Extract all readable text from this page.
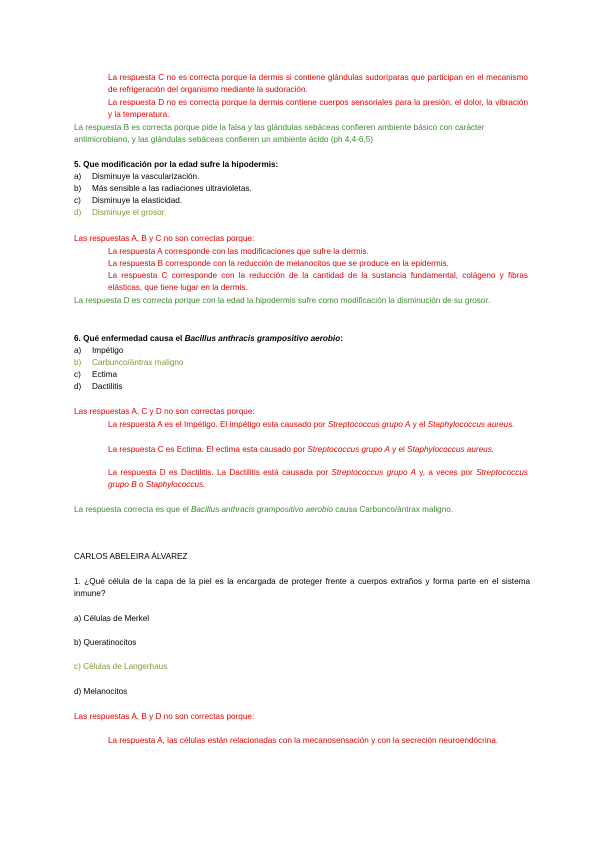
La respuesta C no es correcta porque la dermis si contiene glándulas sudoríparas que participan en el mecanismo de refrigeración del organismo mediante la sudoración.

La respuesta D no es correcta porque la dermis contiene cuerpos sensoriales para la presión, el dolor, la vibración y la temperatura.

La respuesta B es correcta porque pide la falsa y las glándulas sebáceas confieren ambiente básico con carácter antimicrobiano, y las glándulas sebáceas confieren un ambiente ácido (ph 4,4-6,5)

5. Que modificación por la edad sufre la hipodermis:

a)	Disminuye la vascularización.
b)	Más sensible a las radiaciones ultravioletas.
c)	Disminuye la elasticidad.
d)	Disminuye el grosor.

Las respuestas A, B y C no son correctas porque:

La respuesta A corresponde con las modificaciones que sufre la dermis.

La respuesta B corresponde con la reducción de melanocitos que se produce en la epidermis.

La respuesta C corresponde con la reducción de la cantidad de la sustancia fundamental, colágeno y fibras elásticas, que tiene lugar en la dermis.

La respuesta D es correcta porque con la edad la hipodermis sufre como modificación la disminución de su grosor.

6. Qué enfermedad causa el Bacillus anthracis grampositivo aerobio:

a)	Impétigo
b)	Carbunco/ántrax maligno
c)	Ectima
d)	Dactilitis

Las respuestas A, C y D no son correctas porque:

La respuesta A es el Impétigo. El impétigo esta causado por Streptococcus grupo A y el Staphylococcus aureus.

La respuesta C es Ectima. El ectima esta causado por Streptococcus grupo A y el Staphylococcus aureus.

La respuesta D es Dactilitis. La Dactilitis está causada por Streptococcus grupo A y, a veces por Streptococcus grupo B o Staphylococcus.

La respuesta correcta es que el Bacillus anthracis grampositivo aerobio causa Carbunco/ántrax maligno.

CARLOS ABELEIRA ÁLVAREZ

1. ¿Qué célula de la capa de la piel es la encargada de proteger frente a cuerpos extraños y forma parte en el sistema inmune?

a) Células de Merkel

b) Queratinocitos

c) Células de Langerhaus

d) Melanocitos

Las respuestas A, B y D no son correctas porque:

La respuesta A, las células están relacionadas con la mecanosensación y con la secreción neuroendócrina.
